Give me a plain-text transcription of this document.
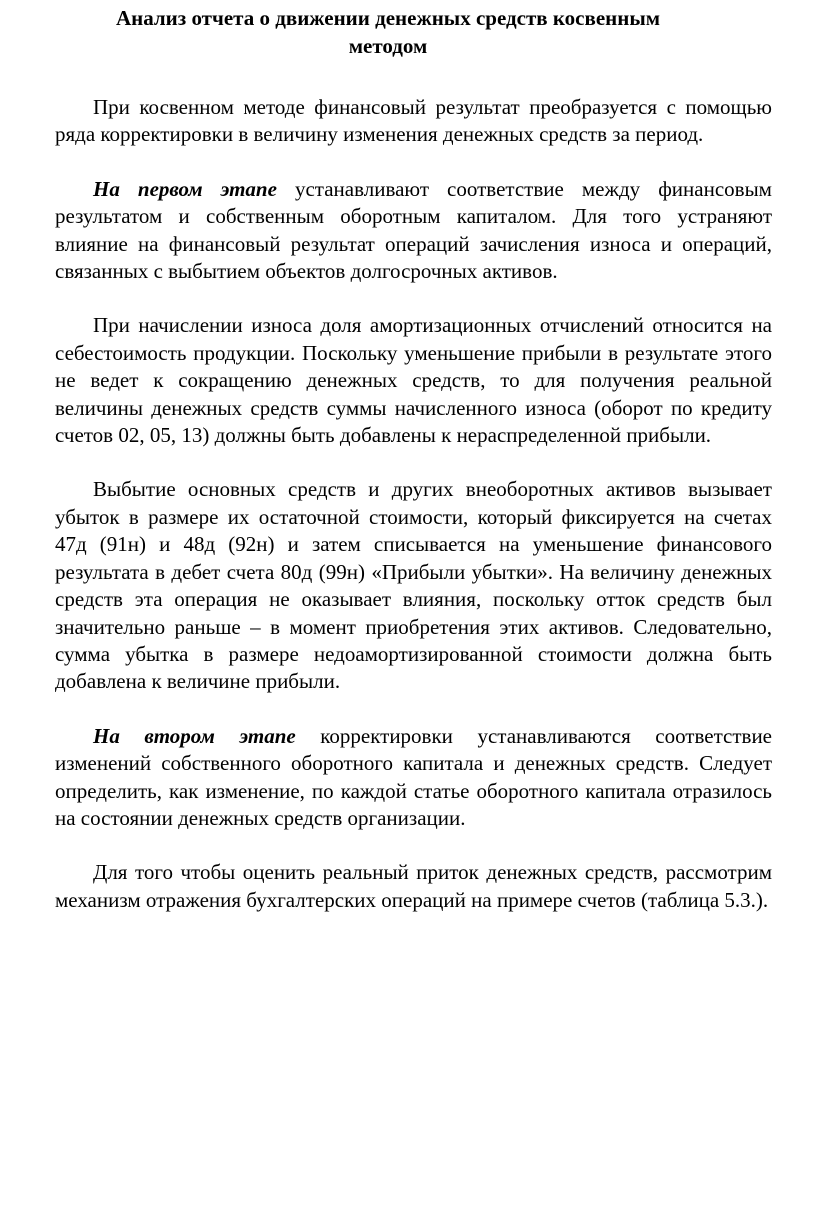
Анализ отчета о движении денежных средств косвенным методом

При косвенном методе финансовый результат преобразуется с помощью ряда корректировки в величину изменения денежных средств за период.

На первом этапе устанавливают соответствие между финансовым результатом и собственным оборотным капиталом. Для того устраняют влияние на финансовый результат операций зачисления износа и операций, связанных с выбытием объектов долгосрочных активов.

При начислении износа доля амортизационных отчислений относится на себестоимость продукции. Поскольку уменьшение прибыли в результате этого не ведет к сокращению денежных средств, то для получения реальной величины денежных средств суммы начисленного износа (оборот по кредиту счетов 02, 05, 13) должны быть добавлены к нераспределенной прибыли.

Выбытие основных средств и других внеоборотных активов вызывает убыток в размере их остаточной стоимости, который фиксируется на счетах 47д (91н) и 48д (92н) и затем списывается на уменьшение финансового результата в дебет счета 80д (99н) «Прибыли убытки». На величину денежных средств эта операция не оказывает влияния, поскольку отток средств был значительно раньше – в момент приобретения этих активов. Следовательно, сумма убытка в размере недоамортизированной стоимости должна быть добавлена к величине прибыли.

На втором этапе корректировки устанавливаются соответствие изменений собственного оборотного капитала и денежных средств. Следует определить, как изменение, по каждой статье оборотного капитала отразилось на состоянии денежных средств организации.

Для того чтобы оценить реальный приток денежных средств, рассмотрим механизм отражения бухгалтерских операций на примере счетов (таблица 5.3.).
